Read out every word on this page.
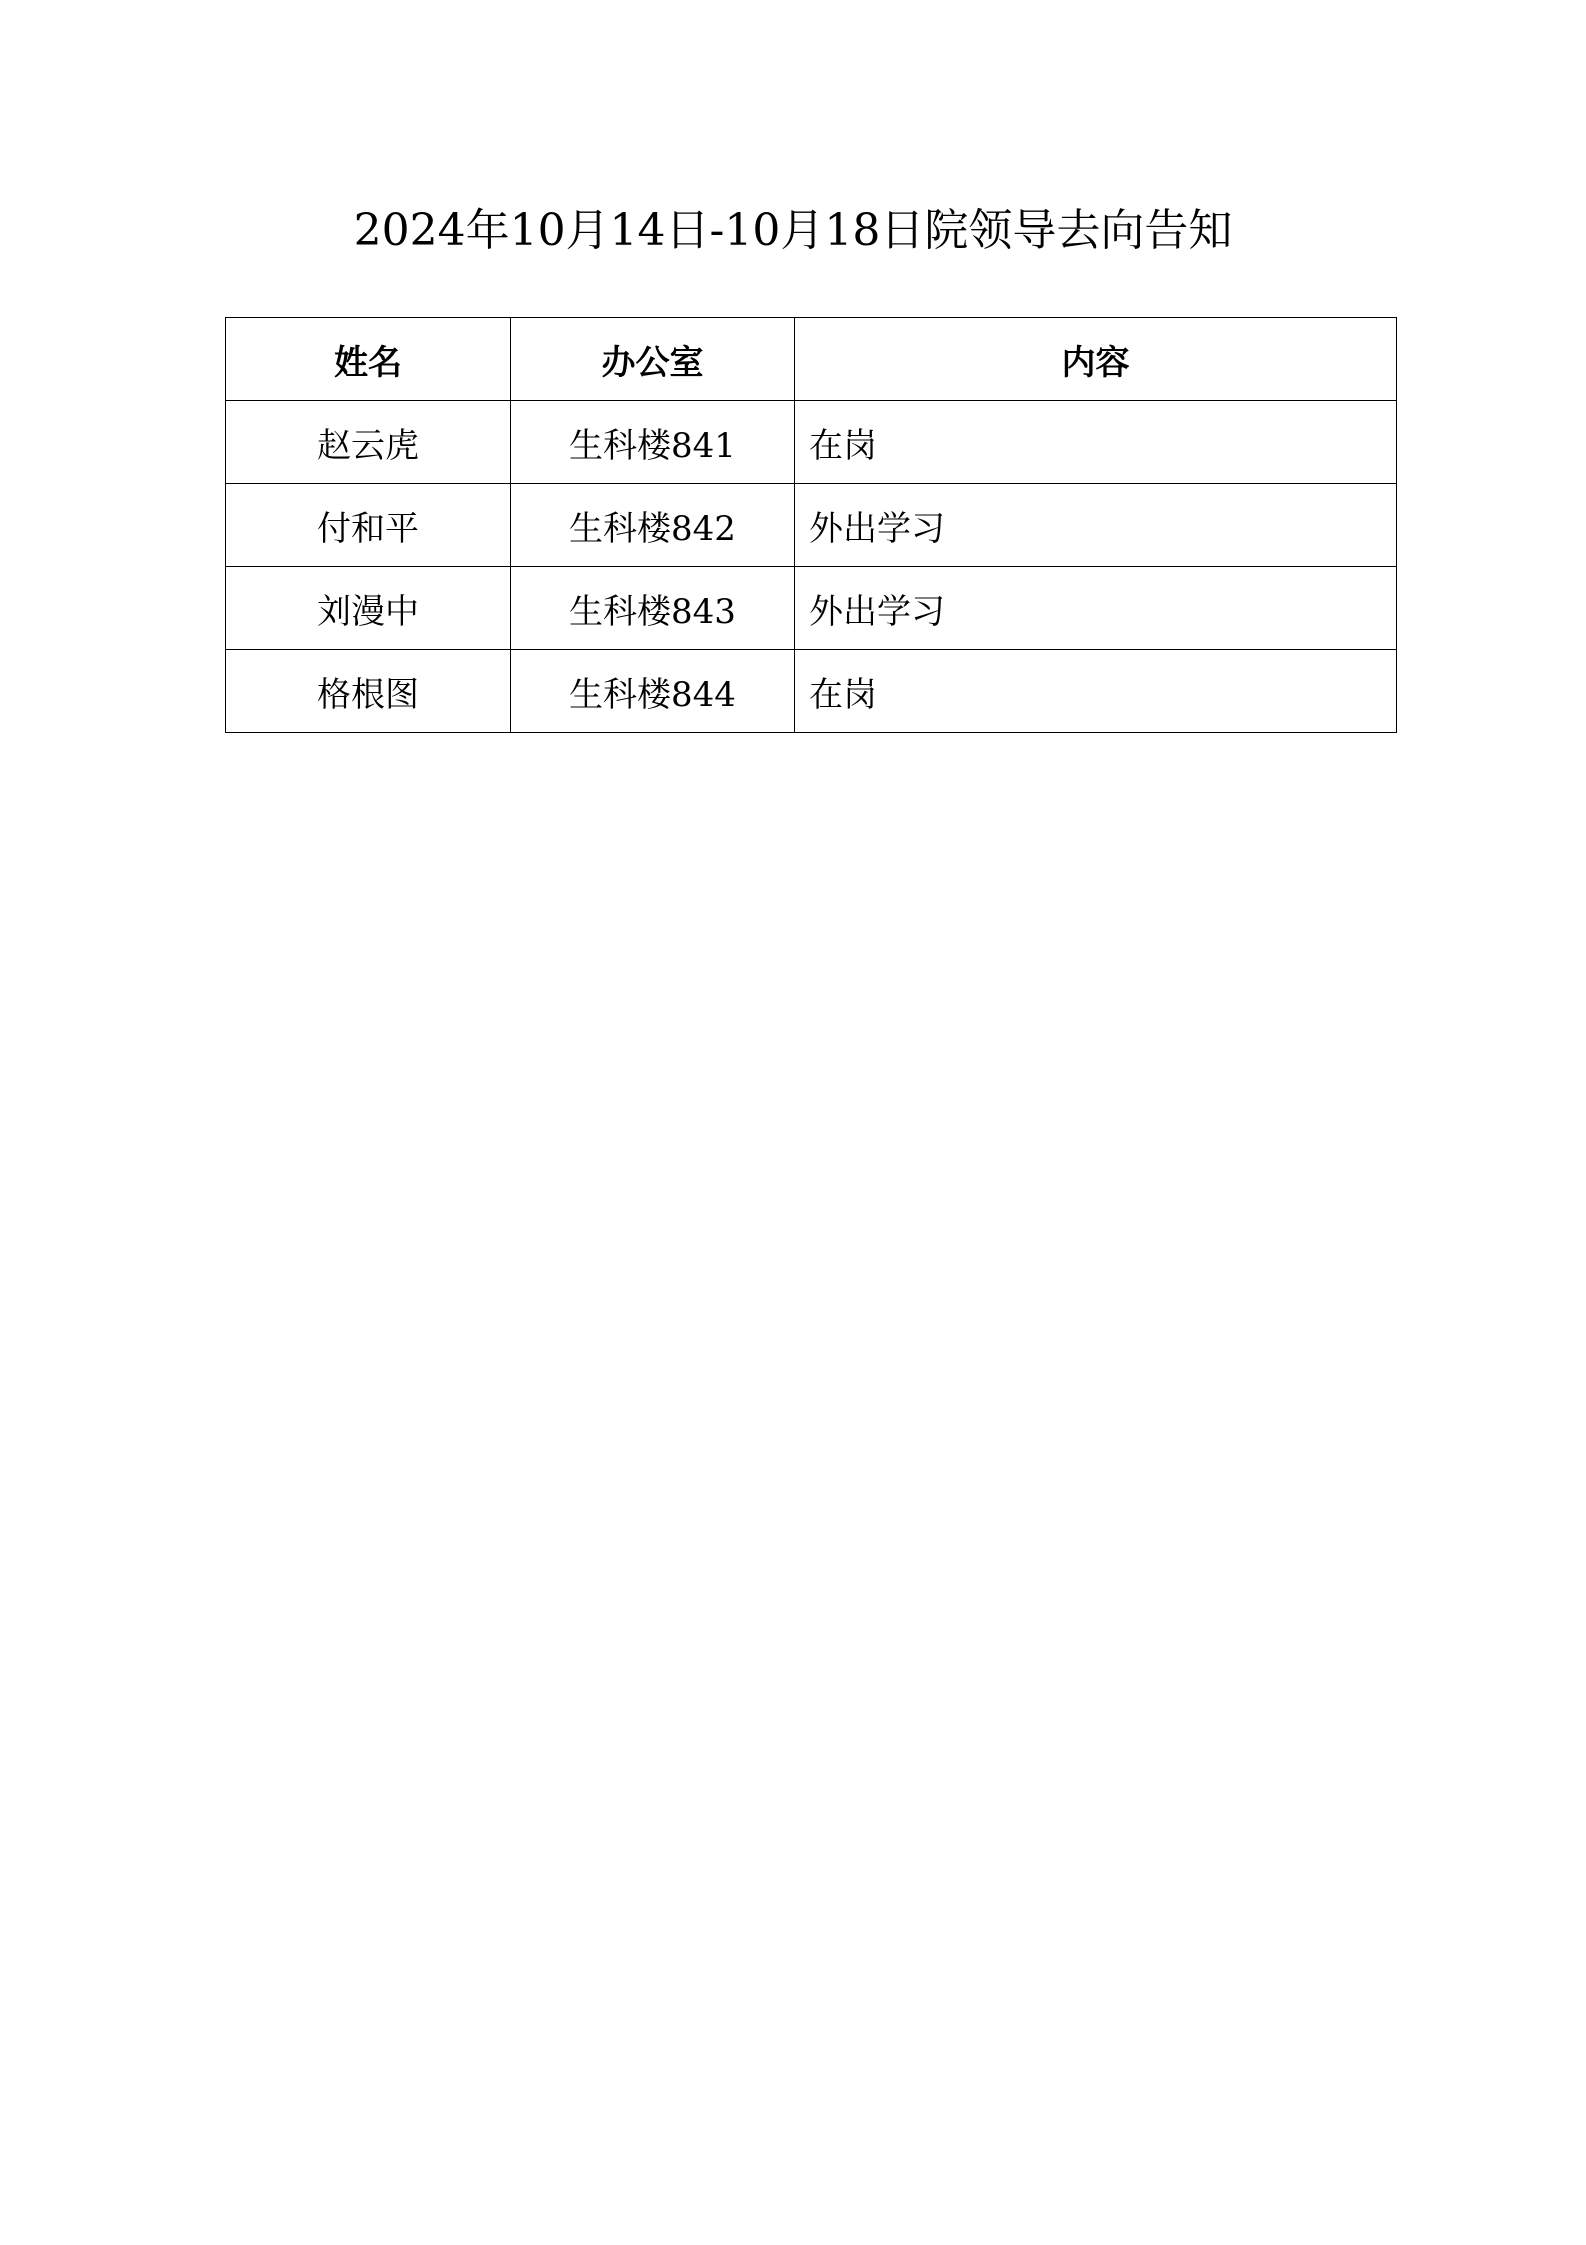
2024年10月14日-10月18日院领导去向告知
姓名	办公室	内容
赵云虎	生科楼841	在岗
付和平	生科楼842	外出学习
刘漫中	生科楼843	外出学习
格根图	生科楼844	在岗
